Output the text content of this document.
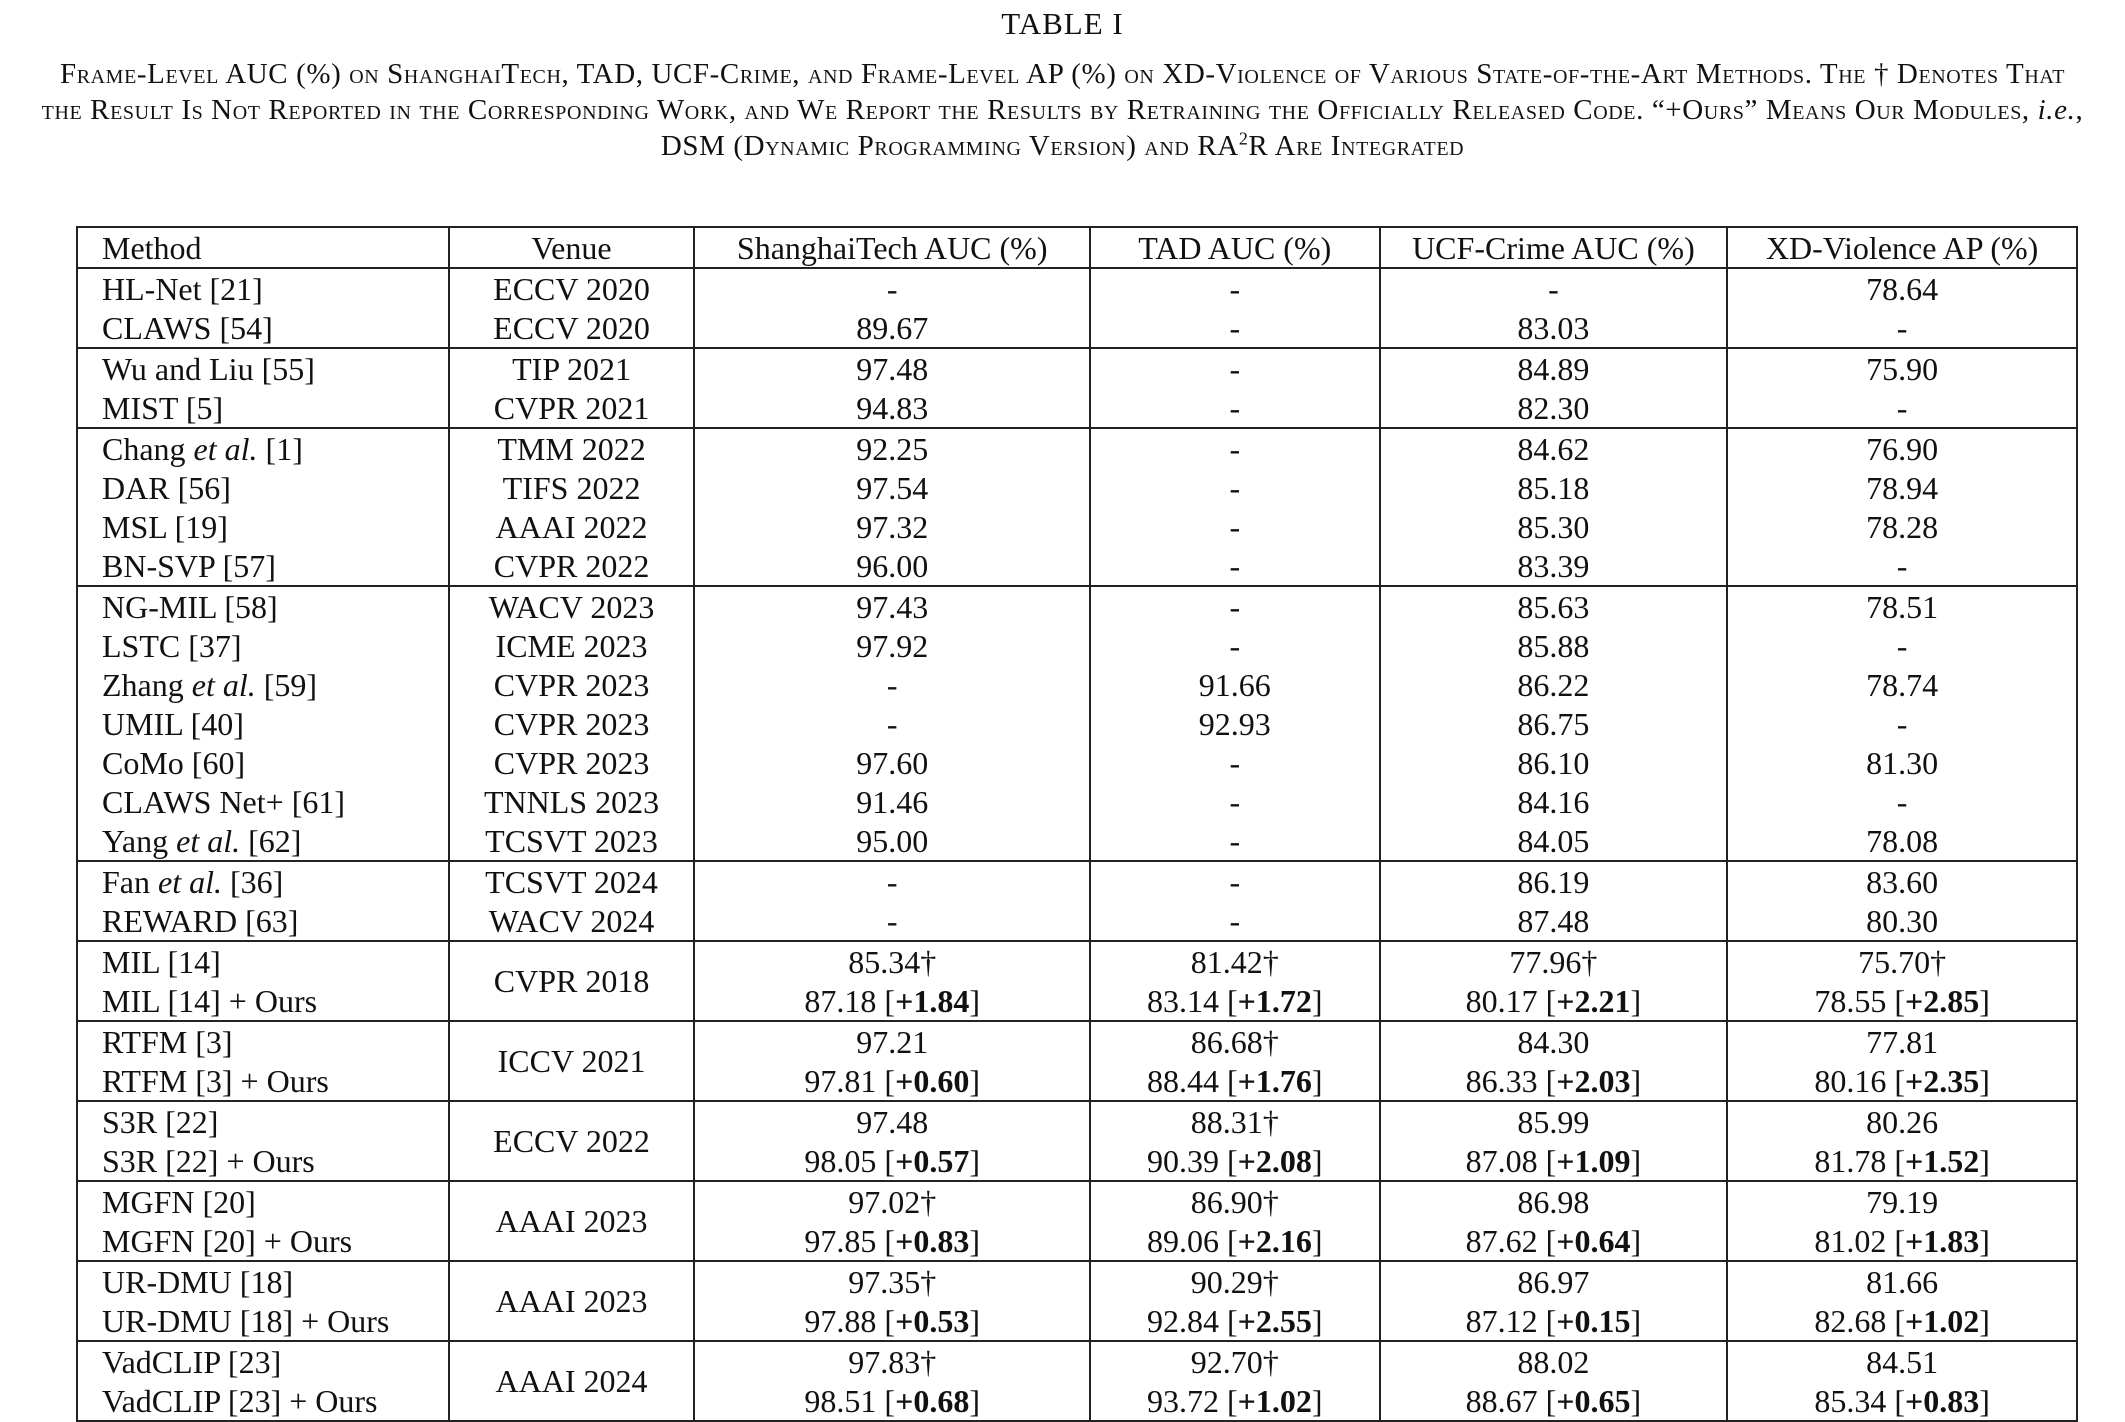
TABLE I
Frame-Level AUC (%) on ShanghaiTech, TAD, UCF-Crime, and Frame-Level AP (%) on XD-Violence of Various State-of-the-Art Methods. The † Denotes That the Result Is Not Reported in the Corresponding Work, and We Report the Results by Retraining the Officially Released Code. “+Ours” Means Our Modules, i.e., DSM (Dynamic Programming Version) and $RA^2R$ Are Integrated
Method	Venue	ShanghaiTech AUC (%)	TAD AUC (%)	UCF-Crime AUC (%)	XD-Violence AP (%)
HL-Net [21]	ECCV 2020	-	-	-	78.64
CLAWS [54]	ECCV 2020	89.67	-	83.03	-
Wu and Liu [55]	TIP 2021	97.48	-	84.89	75.90
MIST [5]	CVPR 2021	94.83	-	82.30	-
Chang et al. [1]	TMM 2022	92.25	-	84.62	76.90
DAR [56]	TIFS 2022	97.54	-	85.18	78.94
MSL [19]	AAAI 2022	97.32	-	85.30	78.28
BN-SVP [57]	CVPR 2022	96.00	-	83.39	-
NG-MIL [58]	WACV 2023	97.43	-	85.63	78.51
LSTC [37]	ICME 2023	97.92	-	85.88	-
Zhang et al. [59]	CVPR 2023	-	91.66	86.22	78.74
UMIL [40]	CVPR 2023	-	92.93	86.75	-
CoMo [60]	CVPR 2023	97.60	-	86.10	81.30
CLAWS Net+ [61]	TNNLS 2023	91.46	-	84.16	-
Yang et al. [62]	TCSVT 2023	95.00	-	84.05	78.08
Fan et al. [36]	TCSVT 2024	-	-	86.19	83.60
REWARD [63]	WACV 2024	-	-	87.48	80.30
MIL [14]	CVPR 2018	85.34†	81.42†	77.96†	75.70†
MIL [14] + Ours		87.18 [+1.84]	83.14 [+1.72]	80.17 [+2.21]	78.55 [+2.85]
RTFM [3]	ICCV 2021	97.21	86.68†	84.30	77.81
RTFM [3] + Ours		97.81 [+0.60]	88.44 [+1.76]	86.33 [+2.03]	80.16 [+2.35]
S3R [22]	ECCV 2022	97.48	88.31†	85.99	80.26
S3R [22] + Ours		98.05 [+0.57]	90.39 [+2.08]	87.08 [+1.09]	81.78 [+1.52]
MGFN [20]	AAAI 2023	97.02†	86.90†	86.98	79.19
MGFN [20] + Ours		97.85 [+0.83]	89.06 [+2.16]	87.62 [+0.64]	81.02 [+1.83]
UR-DMU [18]	AAAI 2023	97.35†	90.29†	86.97	81.66
UR-DMU [18] + Ours		97.88 [+0.53]	92.84 [+2.55]	87.12 [+0.15]	82.68 [+1.02]
VadCLIP [23]	AAAI 2024	97.83†	92.70†	88.02	84.51
VadCLIP [23] + Ours		98.51 [+0.68]	93.72 [+1.02]	88.67 [+0.65]	85.34 [+0.83]
